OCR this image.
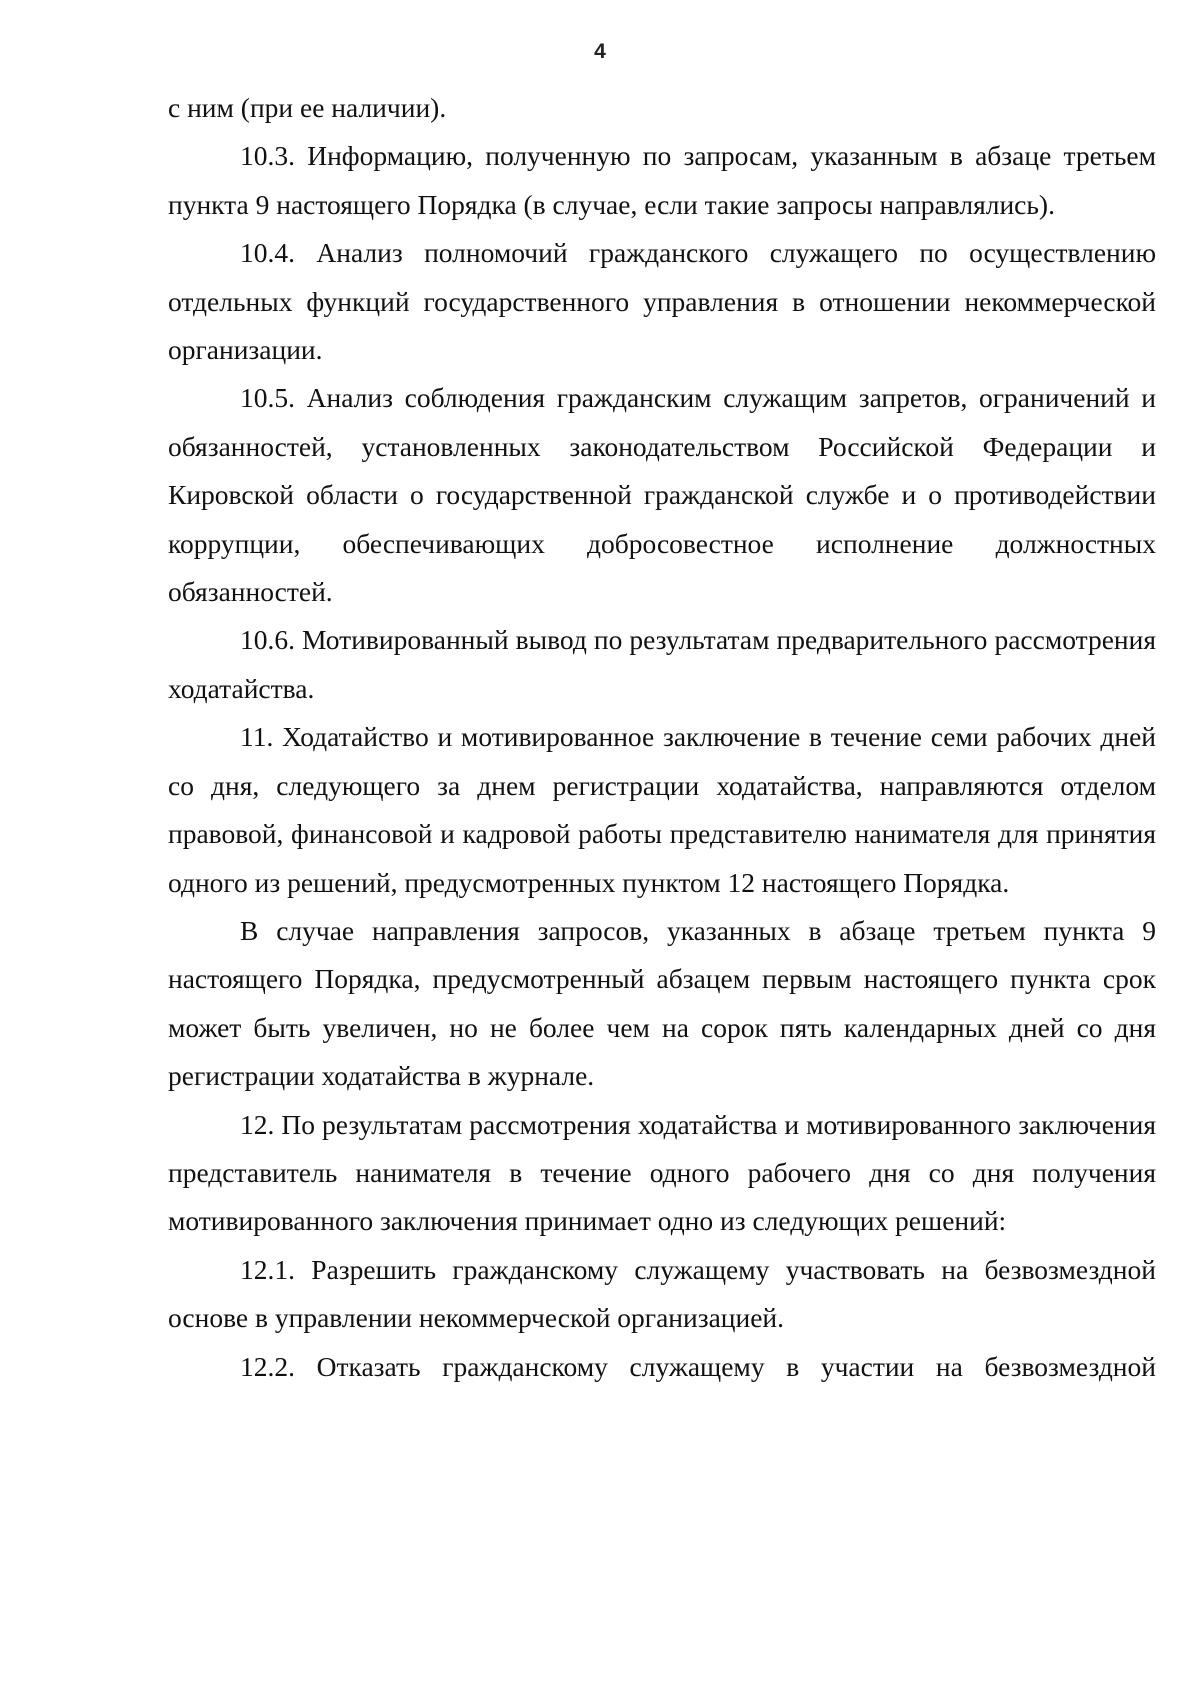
4

с ним (при ее наличии).

10.3. Информацию, полученную по запросам, указанным в абзаце третьем пункта 9 настоящего Порядка (в случае, если такие запросы направлялись).

10.4. Анализ полномочий гражданского служащего по осуществлению отдельных функций государственного управления в отношении некоммерческой организации.

10.5. Анализ соблюдения гражданским служащим запретов, ограничений и обязанностей, установленных законодательством Российской Федерации и Кировской области о государственной гражданской службе и о противодействии коррупции, обеспечивающих добросовестное исполнение должностных обязанностей.

10.6. Мотивированный вывод по результатам предварительного рассмотрения ходатайства.

11. Ходатайство и мотивированное заключение в течение семи рабочих дней со дня, следующего за днем регистрации ходатайства, направляются отделом правовой, финансовой и кадровой работы представителю нанимателя для принятия одного из решений, предусмотренных пунктом 12 настоящего Порядка.

В случае направления запросов, указанных в абзаце третьем пункта 9 настоящего Порядка, предусмотренный абзацем первым настоящего пункта срок может быть увеличен, но не более чем на сорок пять календарных дней со дня регистрации ходатайства в журнале.

12. По результатам рассмотрения ходатайства и мотивированного заключения представитель нанимателя в течение одного рабочего дня со дня получения мотивированного заключения принимает одно из следующих решений:

12.1. Разрешить гражданскому служащему участвовать на безвозмездной основе в управлении некоммерческой организацией.

12.2. Отказать гражданскому служащему в участии на безвозмездной
